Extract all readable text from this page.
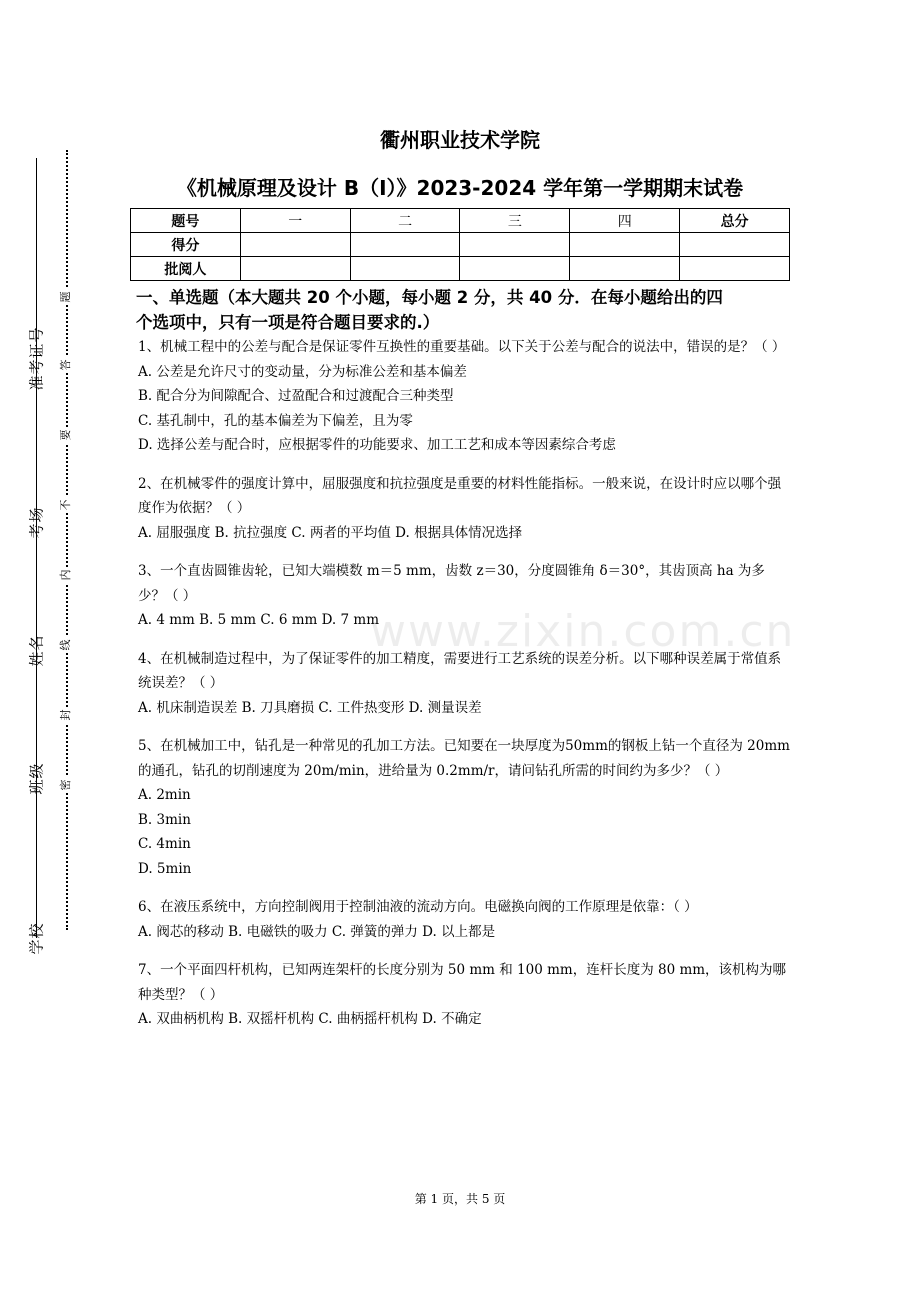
准考证号
考场
姓名
班级
学校
题
答
要
不
内
线
封
密
衢州职业技术学院
《机械原理及设计 B（Ⅰ）》2023-2024 学年第一学期期末试卷
题号	一	二	三	四	总分
得分					
批阅人					
一、单选题（本大题共 20 个小题，每小题 2 分，共 40 分．在每小题给出的四
个选项中，只有一项是符合题目要求的.）

1、机械工程中的公差与配合是保证零件互换性的重要基础。以下关于公差与配合的说法中，错误的是？（ ）

A. 公差是允许尺寸的变动量，分为标准公差和基本偏差

B. 配合分为间隙配合、过盈配合和过渡配合三种类型

C. 基孔制中，孔的基本偏差为下偏差，且为零

D. 选择公差与配合时，应根据零件的功能要求、加工工艺和成本等因素综合考虑

2、在机械零件的强度计算中，屈服强度和抗拉强度是重要的材料性能指标。一般来说，在设计时应以哪个强度作为依据？（ ）

A. 屈服强度 B. 抗拉强度 C. 两者的平均值 D. 根据具体情况选择

3、一个直齿圆锥齿轮，已知大端模数 m＝5 mm，齿数 z＝30，分度圆锥角 δ＝30°，其齿顶高 ha 为多少？（ ）

A. 4 mm B. 5 mm C. 6 mm D. 7 mm

4、在机械制造过程中，为了保证零件的加工精度，需要进行工艺系统的误差分析。以下哪种误差属于常值系统误差？（ ）

A. 机床制造误差 B. 刀具磨损 C. 工件热变形 D. 测量误差

5、在机械加工中，钻孔是一种常见的孔加工方法。已知要在一块厚度为50mm的钢板上钻一个直径为 20mm 的通孔，钻孔的切削速度为 20m/min，进给量为 0.2mm/r，请问钻孔所需的时间约为多少？（ ）

A. 2min

B. 3min

C. 4min

D. 5min

6、在液压系统中，方向控制阀用于控制油液的流动方向。电磁换向阀的工作原理是依靠：（ ）

A. 阀芯的移动 B. 电磁铁的吸力 C. 弹簧的弹力 D. 以上都是

7、一个平面四杆机构，已知两连架杆的长度分别为 50 mm 和 100 mm，连杆长度为 80 mm，该机构为哪种类型？（ ）

A. 双曲柄机构 B. 双摇杆机构 C. 曲柄摇杆机构 D. 不确定

www.zixin.com.cn
第 1 页，共 5 页
